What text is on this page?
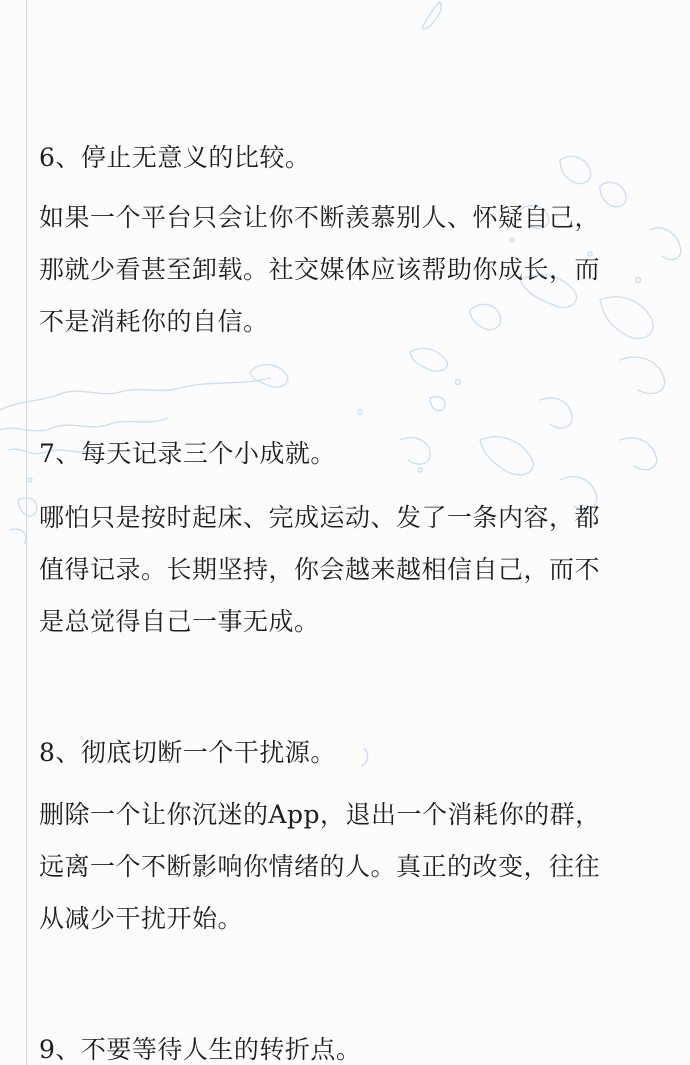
6、停止无意义的比较。
如果一个平台只会让你不断羡慕别人、怀疑自己，
那就少看甚至卸载。社交媒体应该帮助你成长，而
不是消耗你的自信。
7、每天记录三个小成就。
哪怕只是按时起床、完成运动、发了一条内容，都
值得记录。长期坚持，你会越来越相信自己，而不
是总觉得自己一事无成。
8、彻底切断一个干扰源。
删除一个让你沉迷的App，退出一个消耗你的群，
远离一个不断影响你情绪的人。真正的改变，往往
从减少干扰开始。
9、不要等待人生的转折点。
